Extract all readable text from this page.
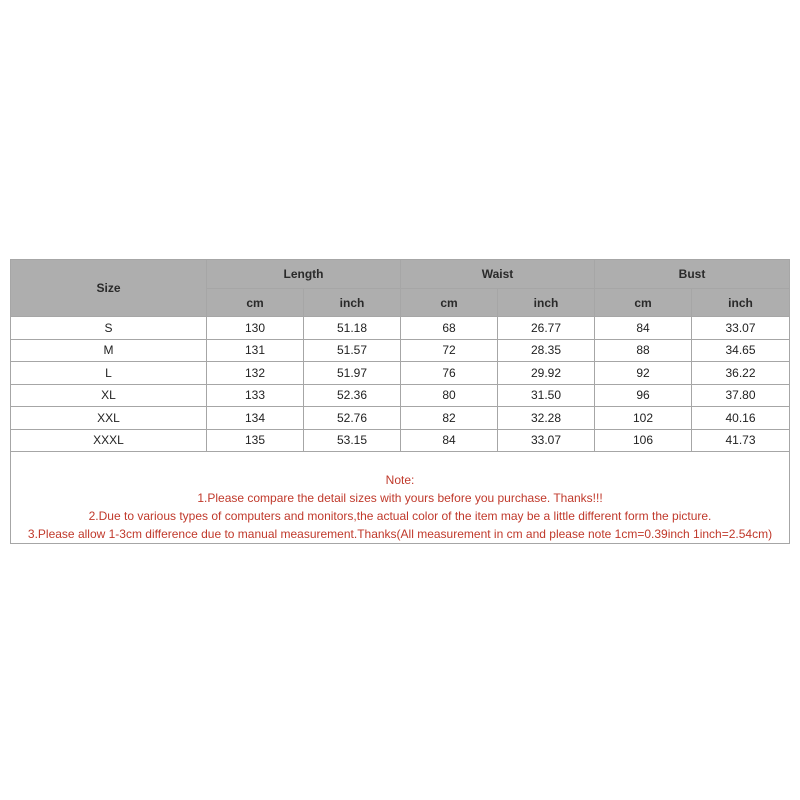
Size	Length		Waist		Bust	
	cm	inch	cm	inch	cm	inch
S	130	51.18	68	26.77	84	33.07
M	131	51.57	72	28.35	88	34.65
L	132	51.97	76	29.92	92	36.22
XL	133	52.36	80	31.50	96	37.80
XXL	134	52.76	82	32.28	102	40.16
XXXL	135	53.15	84	33.07	106	41.73

Note:
1.Please compare the detail sizes with yours before you purchase. Thanks!!!
2.Due to various types of computers and monitors,the actual color of the item may be a little different form the picture.
3.Please allow 1-3cm difference due to manual measurement.Thanks(All measurement in cm and please note 1cm=0.39inch 1inch=2.54cm)						
